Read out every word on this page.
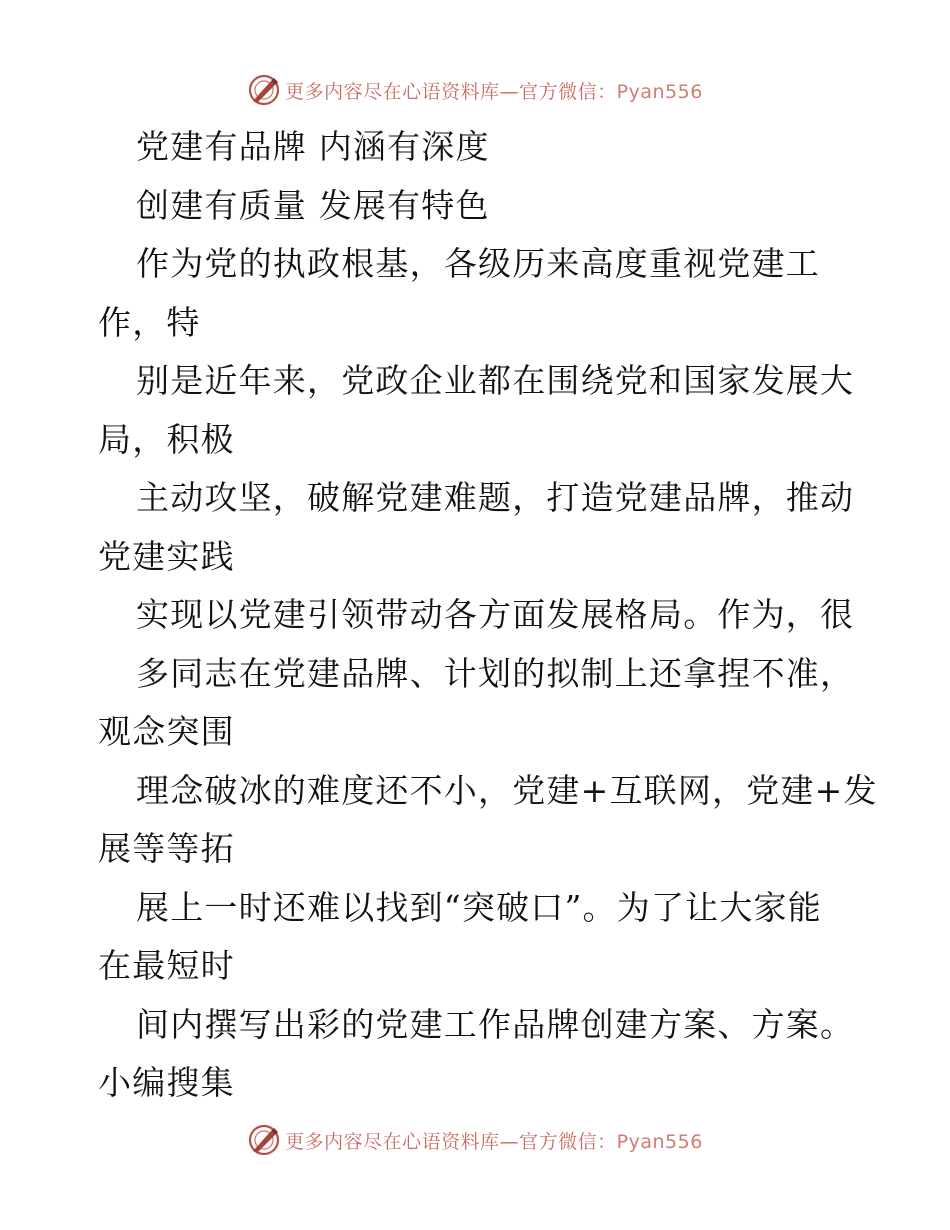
更多内容尽在心语资料库—官方微信：Pyan556
党建有品牌 内涵有深度
创建有质量 发展有特色
作为党的执政根基，各级历来高度重视党建工
作，特
别是近年来，党政企业都在围绕党和国家发展大
局，积极
主动攻坚，破解党建难题，打造党建品牌，推动
党建实践
实现以党建引领带动各方面发展格局。作为，很
多同志在党建品牌、计划的拟制上还拿捏不准，
观念突围
理念破冰的难度还不小，党建+互联网，党建+发
展等等拓
展上一时还难以找到“突破口”。为了让大家能
在最短时
间内撰写出彩的党建工作品牌创建方案、方案。
小编搜集
更多内容尽在心语资料库—官方微信：Pyan556
